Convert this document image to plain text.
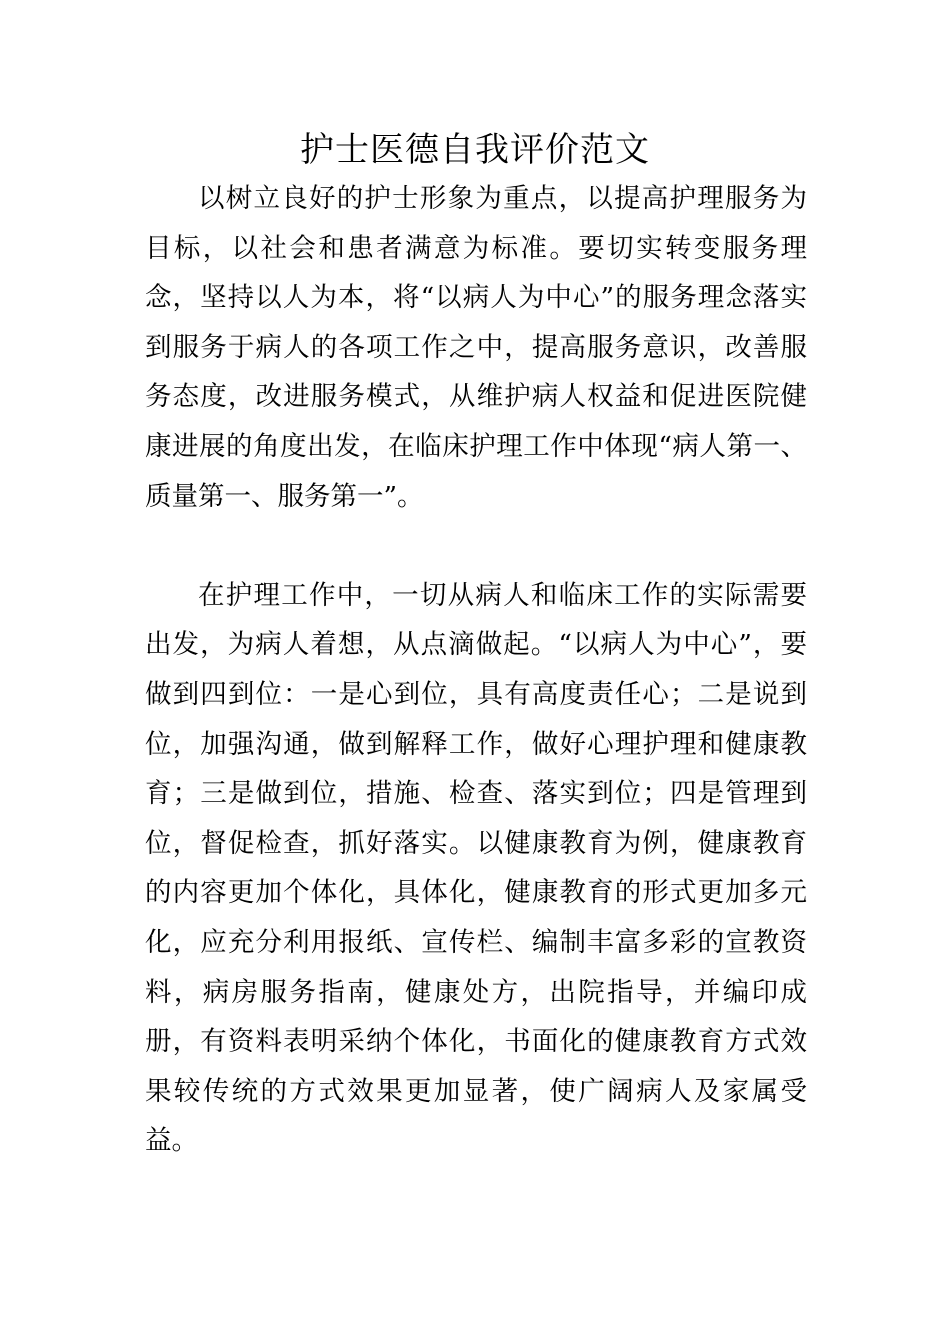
护士医德自我评价范文

以树立良好的护士形象为重点，以提高护理服务为目标，以社会和患者满意为标准。要切实转变服务理念，坚持以人为本，将“以病人为中心”的服务理念落实到服务于病人的各项工作之中，提高服务意识，改善服务态度，改进服务模式，从维护病人权益和促进医院健康进展的角度出发，在临床护理工作中体现“病人第一、质量第一、服务第一”。

在护理工作中，一切从病人和临床工作的实际需要出发，为病人着想，从点滴做起。“以病人为中心”，要做到四到位：一是心到位，具有高度责任心；二是说到位，加强沟通，做到解释工作，做好心理护理和健康教育；三是做到位，措施、检查、落实到位；四是管理到位，督促检查，抓好落实。以健康教育为例，健康教育的内容更加个体化，具体化，健康教育的形式更加多元化，应充分利用报纸、宣传栏、编制丰富多彩的宣教资料，病房服务指南，健康处方，出院指导，并编印成册，有资料表明采纳个体化，书面化的健康教育方式效果较传统的方式效果更加显著，使广阔病人及家属受益。
